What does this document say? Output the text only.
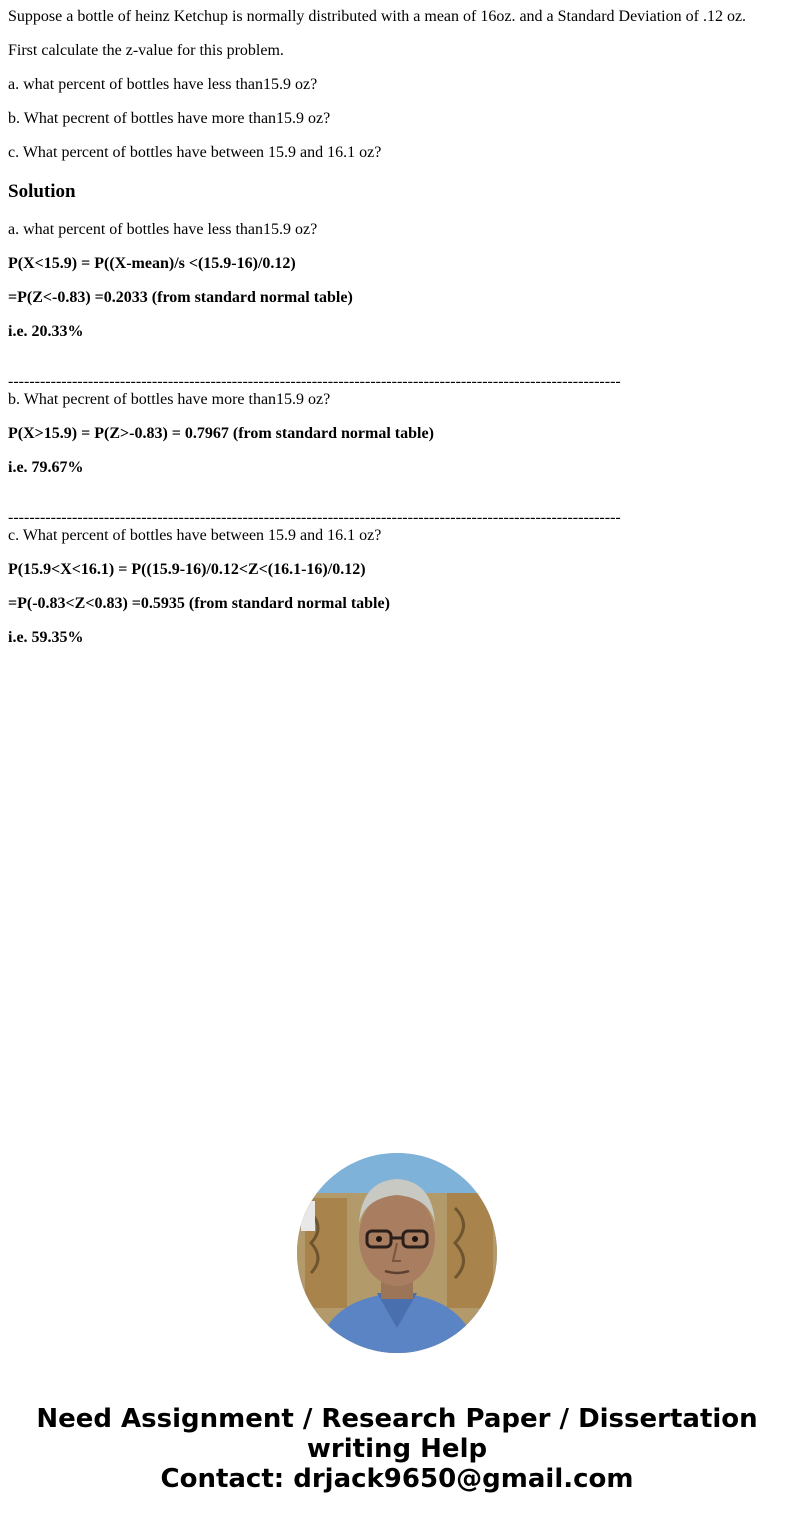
Suppose a bottle of heinz Ketchup is normally distributed with a mean of 16oz. and a Standard Deviation of .12 oz.

First calculate the z-value for this problem.

a. what percent of bottles have less than15.9 oz?

b. What pecrent of bottles have more than15.9 oz?

c. What percent of bottles have between 15.9 and 16.1 oz?

Solution

a. what percent of bottles have less than15.9 oz?

P(X<15.9) = P((X-mean)/s <(15.9-16)/0.12)

=P(Z<-0.83) =0.2033 (from standard normal table)

i.e. 20.33%

-------------------------------------------------------------------------------------------------------------------

b. What pecrent of bottles have more than15.9 oz?

P(X>15.9) = P(Z>-0.83) = 0.7967 (from standard normal table)

i.e. 79.67%

-------------------------------------------------------------------------------------------------------------------

c. What percent of bottles have between 15.9 and 16.1 oz?

P(15.9<X<16.1) = P((15.9-16)/0.12<Z<(16.1-16)/0.12)

=P(-0.83<Z<0.83) =0.5935 (from standard normal table)

i.e. 59.35%

Need Assignment / Research Paper / Dissertation
writing Help
Contact: drjack9650@gmail.com
